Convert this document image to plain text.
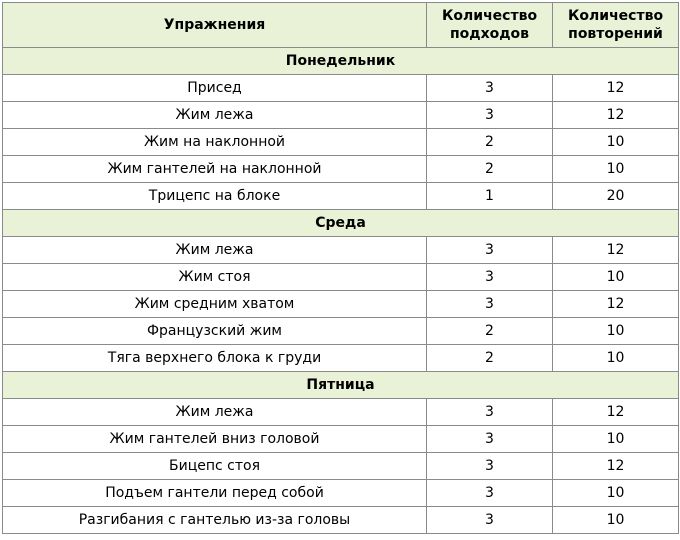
Упражнения	Количество подходов	Количество повторений
Понедельник		
Присед	3	12
Жим лежа	3	12
Жим на наклонной	2	10
Жим гантелей на наклонной	2	10
Трицепс на блоке	1	20
Среда		
Жим лежа	3	12
Жим стоя	3	10
Жим средним хватом	3	12
Французский жим	2	10
Тяга верхнего блока к груди	2	10
Пятница		
Жим лежа	3	12
Жим гантелей вниз головой	3	10
Бицепс стоя	3	12
Подъем гантели перед собой	3	10
Разгибания с гантелью из-за головы	3	10
